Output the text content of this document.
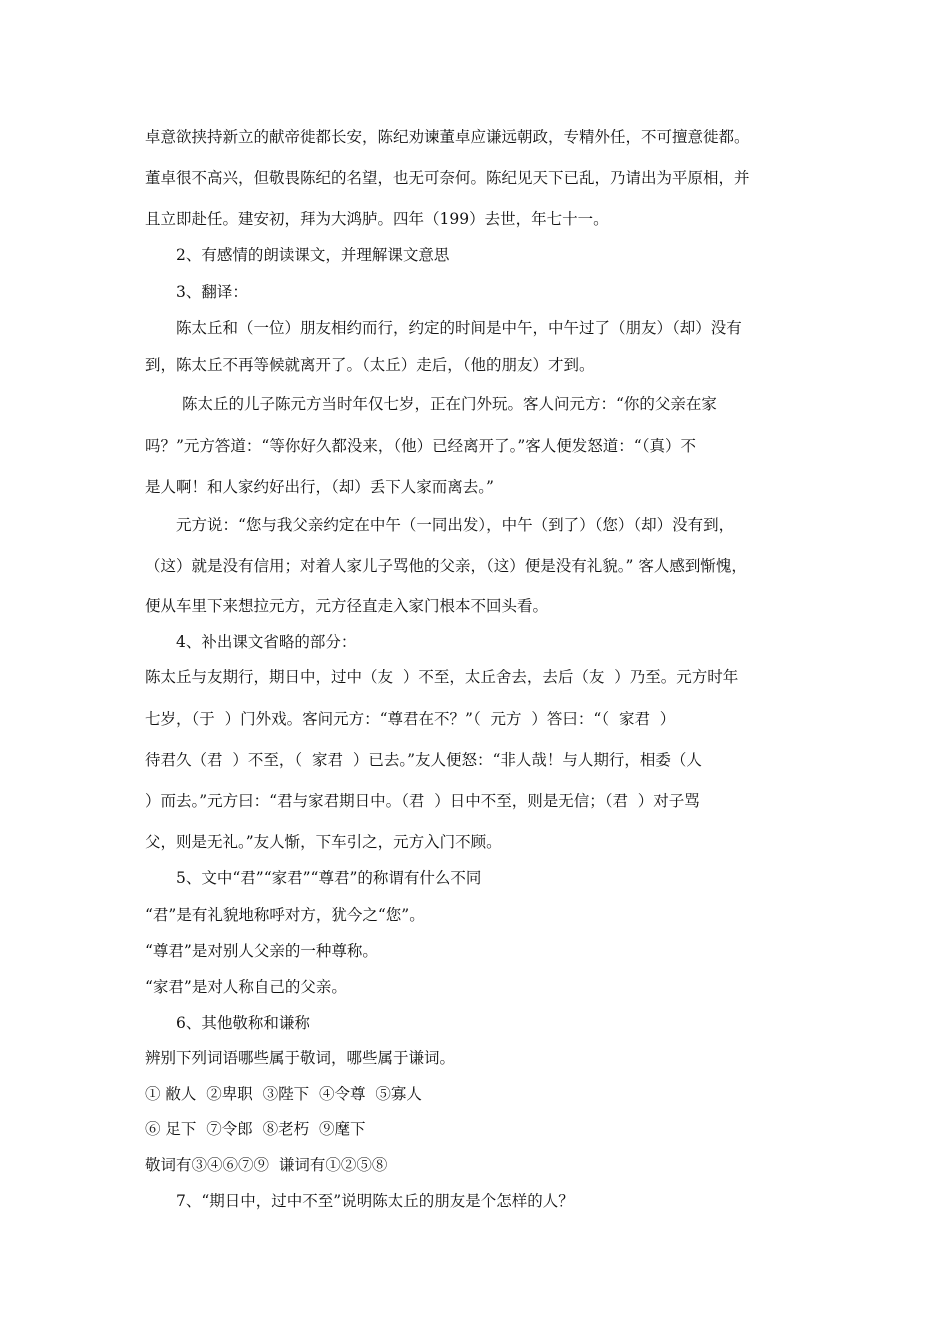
卓意欲挟持新立的献帝徙都长安，陈纪劝谏董卓应谦远朝政，专精外任，不可擅意徙都。
董卓很不高兴，但敬畏陈纪的名望，也无可奈何。陈纪见天下已乱，乃请出为平原相，并
且立即赴任。建安初，拜为大鸿胪。四年（199）去世，年七十一。
2、有感情的朗读课文，并理解课文意思
3、翻译：
陈太丘和（一位）朋友相约而行，约定的时间是中午，中午过了（朋友）（却）没有
到，陈太丘不再等候就离开了。（太丘）走后，（他的朋友）才到。
陈太丘的儿子陈元方当时年仅七岁，正在门外玩。客人问元方：“你的父亲在家
吗？”元方答道：“等你好久都没来，（他）已经离开了。”客人便发怒道：“（真）不
是人啊！和人家约好出行，（却）丢下人家而离去。”
元方说：“您与我父亲约定在中午（一同出发），中午（到了）（您）（却）没有到，
（这）就是没有信用；对着人家儿子骂他的父亲，（这）便是没有礼貌。” 客人感到惭愧，
便从车里下来想拉元方，元方径直走入家门根本不回头看。
4、补出课文省略的部分：
陈太丘与友期行，期日中，过中（友  ）不至，太丘舍去，去后（友  ）乃至。元方时年
七岁，（于  ）门外戏。客问元方：“尊君在不？”（  元方  ）答曰：“（  家君  ）
待君久（君  ）不至，（  家君  ）已去。”友人便怒：“非人哉！与人期行，相委（人
）而去。”元方曰：“君与家君期日中。（君  ）日中不至，则是无信；（君  ）对子骂
父，则是无礼。”友人惭，下车引之，元方入门不顾。
5、文中“君”“家君”“尊君”的称谓有什么不同
“君”是有礼貌地称呼对方，犹今之“您”。
“尊君”是对别人父亲的一种尊称。
“家君”是对人称自己的父亲。
6、其他敬称和谦称
辨别下列词语哪些属于敬词，哪些属于谦词。
① 敝人  ②卑职  ③陛下  ④令尊  ⑤寡人
⑥ 足下  ⑦令郎  ⑧老朽  ⑨麾下
敬词有③④⑥⑦⑨  谦词有①②⑤⑧
7、“期日中，过中不至”说明陈太丘的朋友是个怎样的人？
